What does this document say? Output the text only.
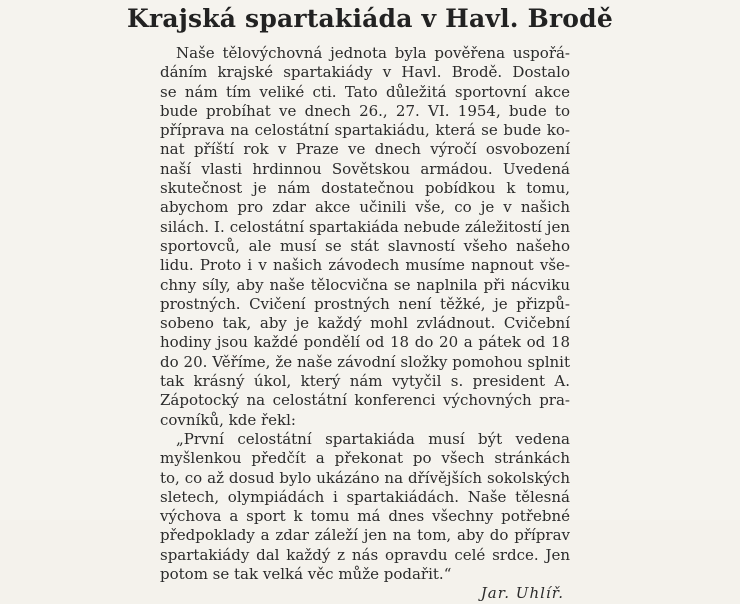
Krajská spartakiáda v Havl. Brodě
Naše tělovýchovná jednota byla pověřena uspořá-
dáním krajské spartakiády v Havl. Brodě. Dostalo
se nám tím veliké cti. Tato důležitá sportovní akce
bude probíhat ve dnech 26., 27. VI. 1954, bude to
příprava na celostátní spartakiádu, která se bude ko-
nat příští rok v Praze ve dnech výročí osvobození
naší vlasti hrdinnou Sovětskou armádou. Uvedená
skutečnost je nám dostatečnou pobídkou k tomu,
abychom pro zdar akce učinili vše, co je v našich
silách. I. celostátní spartakiáda nebude záležitostí jen
sportovců, ale musí se stát slavností všeho našeho
lidu. Proto i v našich závodech musíme napnout vše-
chny síly, aby naše tělocvična se naplnila při nácviku
prostných. Cvičení prostných není těžké, je přizpů-
sobeno tak, aby je každý mohl zvládnout. Cvičební
hodiny jsou každé pondělí od 18 do 20 a pátek od 18
do 20. Věříme, že naše závodní složky pomohou splnit
tak krásný úkol, který nám vytyčil s. president A.
Zápotocký na celostátní konferenci výchovných pra-
covníků, kde řekl:
„První celostátní spartakiáda musí být vedena
myšlenkou předčít a překonat po všech stránkách
to, co až dosud bylo ukázáno na dřívějších sokolských
sletech, olympiádách i spartakiádách. Naše tělesná
výchova a sport k tomu má dnes všechny potřebné
předpoklady a zdar záleží jen na tom, aby do příprav
spartakiády dal každý z nás opravdu celé srdce. Jen
potom se tak velká věc může podařit.“
Jar. Uhlíř.
